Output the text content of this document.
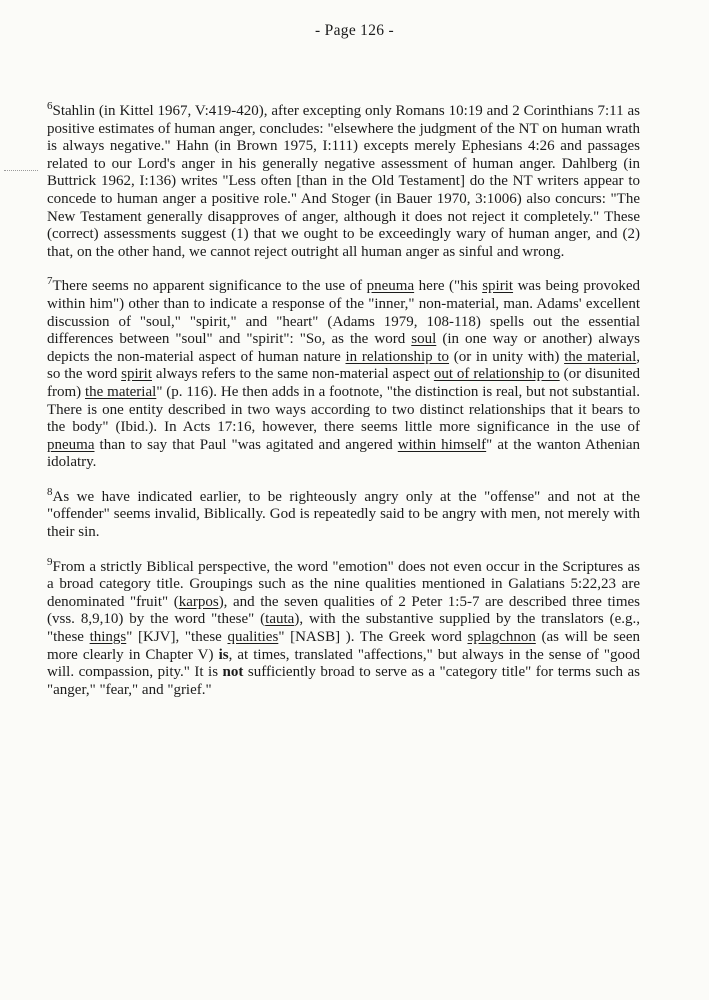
- Page 126 -

$^6$Stahlin (in Kittel 1967, V:419-420), after excepting only Romans 10:19 and 2 Corinthians 7:11 as positive estimates of human anger, concludes: "elsewhere the judgment of the NT on human wrath is always negative." Hahn (in Brown 1975, I:111) excepts merely Ephesians 4:26 and passages related to our Lord's anger in his generally negative assessment of human anger. Dahlberg (in Buttrick 1962, I:136) writes "Less often [than in the Old Testament] do the NT writers appear to concede to human anger a positive role." And Stoger (in Bauer 1970, 3:1006) also concurs: "The New Testament generally disapproves of anger, although it does not reject it completely." These (correct) assessments suggest (1) that we ought to be exceedingly wary of human anger, and (2) that, on the other hand, we cannot reject outright all human anger as sinful and wrong.

$^7$There seems no apparent significance to the use of pneuma here ("his spirit was being provoked within him") other than to indicate a response of the "inner," non-material, man. Adams' excellent discussion of "soul," "spirit," and "heart" (Adams 1979, 108-118) spells out the essential differences between "soul" and "spirit": "So, as the word soul (in one way or another) always depicts the non-material aspect of human nature in relationship to (or in unity with) the material, so the word spirit always refers to the same non-material aspect out of relationship to (or disunited from) the material" (p. 116). He then adds in a footnote, "the distinction is real, but not substantial. There is one entity described in two ways according to two distinct relationships that it bears to the body" (Ibid.). In Acts 17:16, however, there seems little more significance in the use of pneuma than to say that Paul "was agitated and angered within himself" at the wanton Athenian idolatry.

$^8$As we have indicated earlier, to be righteously angry only at the "offense" and not at the "offender" seems invalid, Biblically. God is repeatedly said to be angry with men, not merely with their sin.

$^9$From a strictly Biblical perspective, the word "emotion" does not even occur in the Scriptures as a broad category title. Groupings such as the nine qualities mentioned in Galatians 5:22,23 are denominated "fruit" (karpos), and the seven qualities of 2 Peter 1:5-7 are described three times (vss. 8,9,10) by the word "these" (tauta), with the substantive supplied by the translators (e.g., "these things" [KJV], "these qualities" [NASB] ). The Greek word splagchnon (as will be seen more clearly in Chapter V) is, at times, translated "affections," but always in the sense of "good will. compassion, pity." It is not sufficiently broad to serve as a "category title" for terms such as "anger," "fear," and "grief."
